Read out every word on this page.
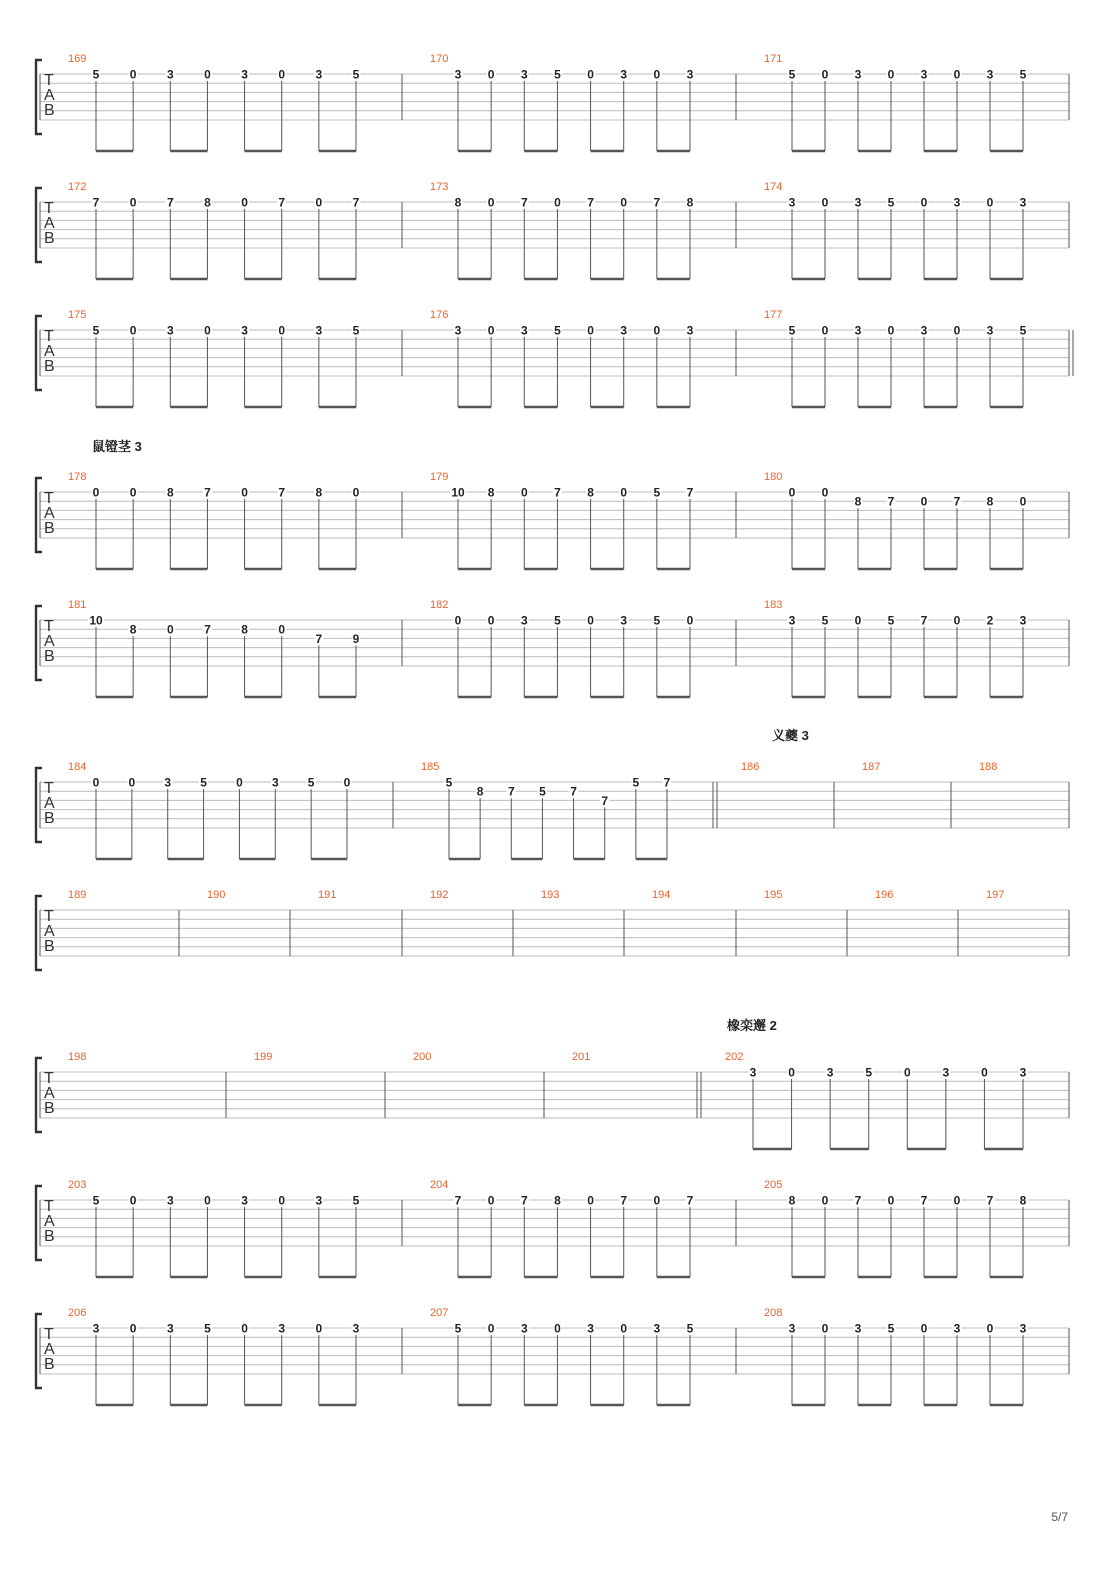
T
A
B
169
5	0	3	0	3	0	3	5
170
3 0 3 5 0 3 0 3
171
5 0 3 0 3 0 3 5
T
A
B
172
7	0	7	8	0	7	0	7
173
8 0 7 0 7 0 7 8
174
3 0 3 5 0 3 0 3
T
A
B
175
5	0	3	0	3	0	3	5
176
3 0 3 5 0 3 0 3
177
5 0 3 0 3 0 3 5
T
A
B
鼠镫茎 3
178
0	0	8	7	0	7	8	0
179
10 8 0 7 8 0 5 7
180
0 0
8 7 0 7 8 0
T
A
B
181
10
8	0	7	8	0
7	9
182
0 0 3 5 0 3 5 0
183
3 5 0 5 7 0 2 3
T
A
B
义夔 3
184
0 0 3 5 0 3 5 0
185
5
8 7 5 7
7
5 7
186	187	188
T
A
B
189	190	191	192	193	194	195	196	197
T
A
B
橡栾邂 2
198	199	200	201	202
3	0	3	5	0	3	0	3
T
A
B
203
5	0	3	0	3	0	3	5
204
7 0 7 8 0 7 0 7
205
8 0 7 0 7 0 7 8
T
A
B
206
3	0	3	5	0	3	0	3
207
5 0 3 0 3 0 3 5
208
3 0 3 5 0 3 0 3
5/7
